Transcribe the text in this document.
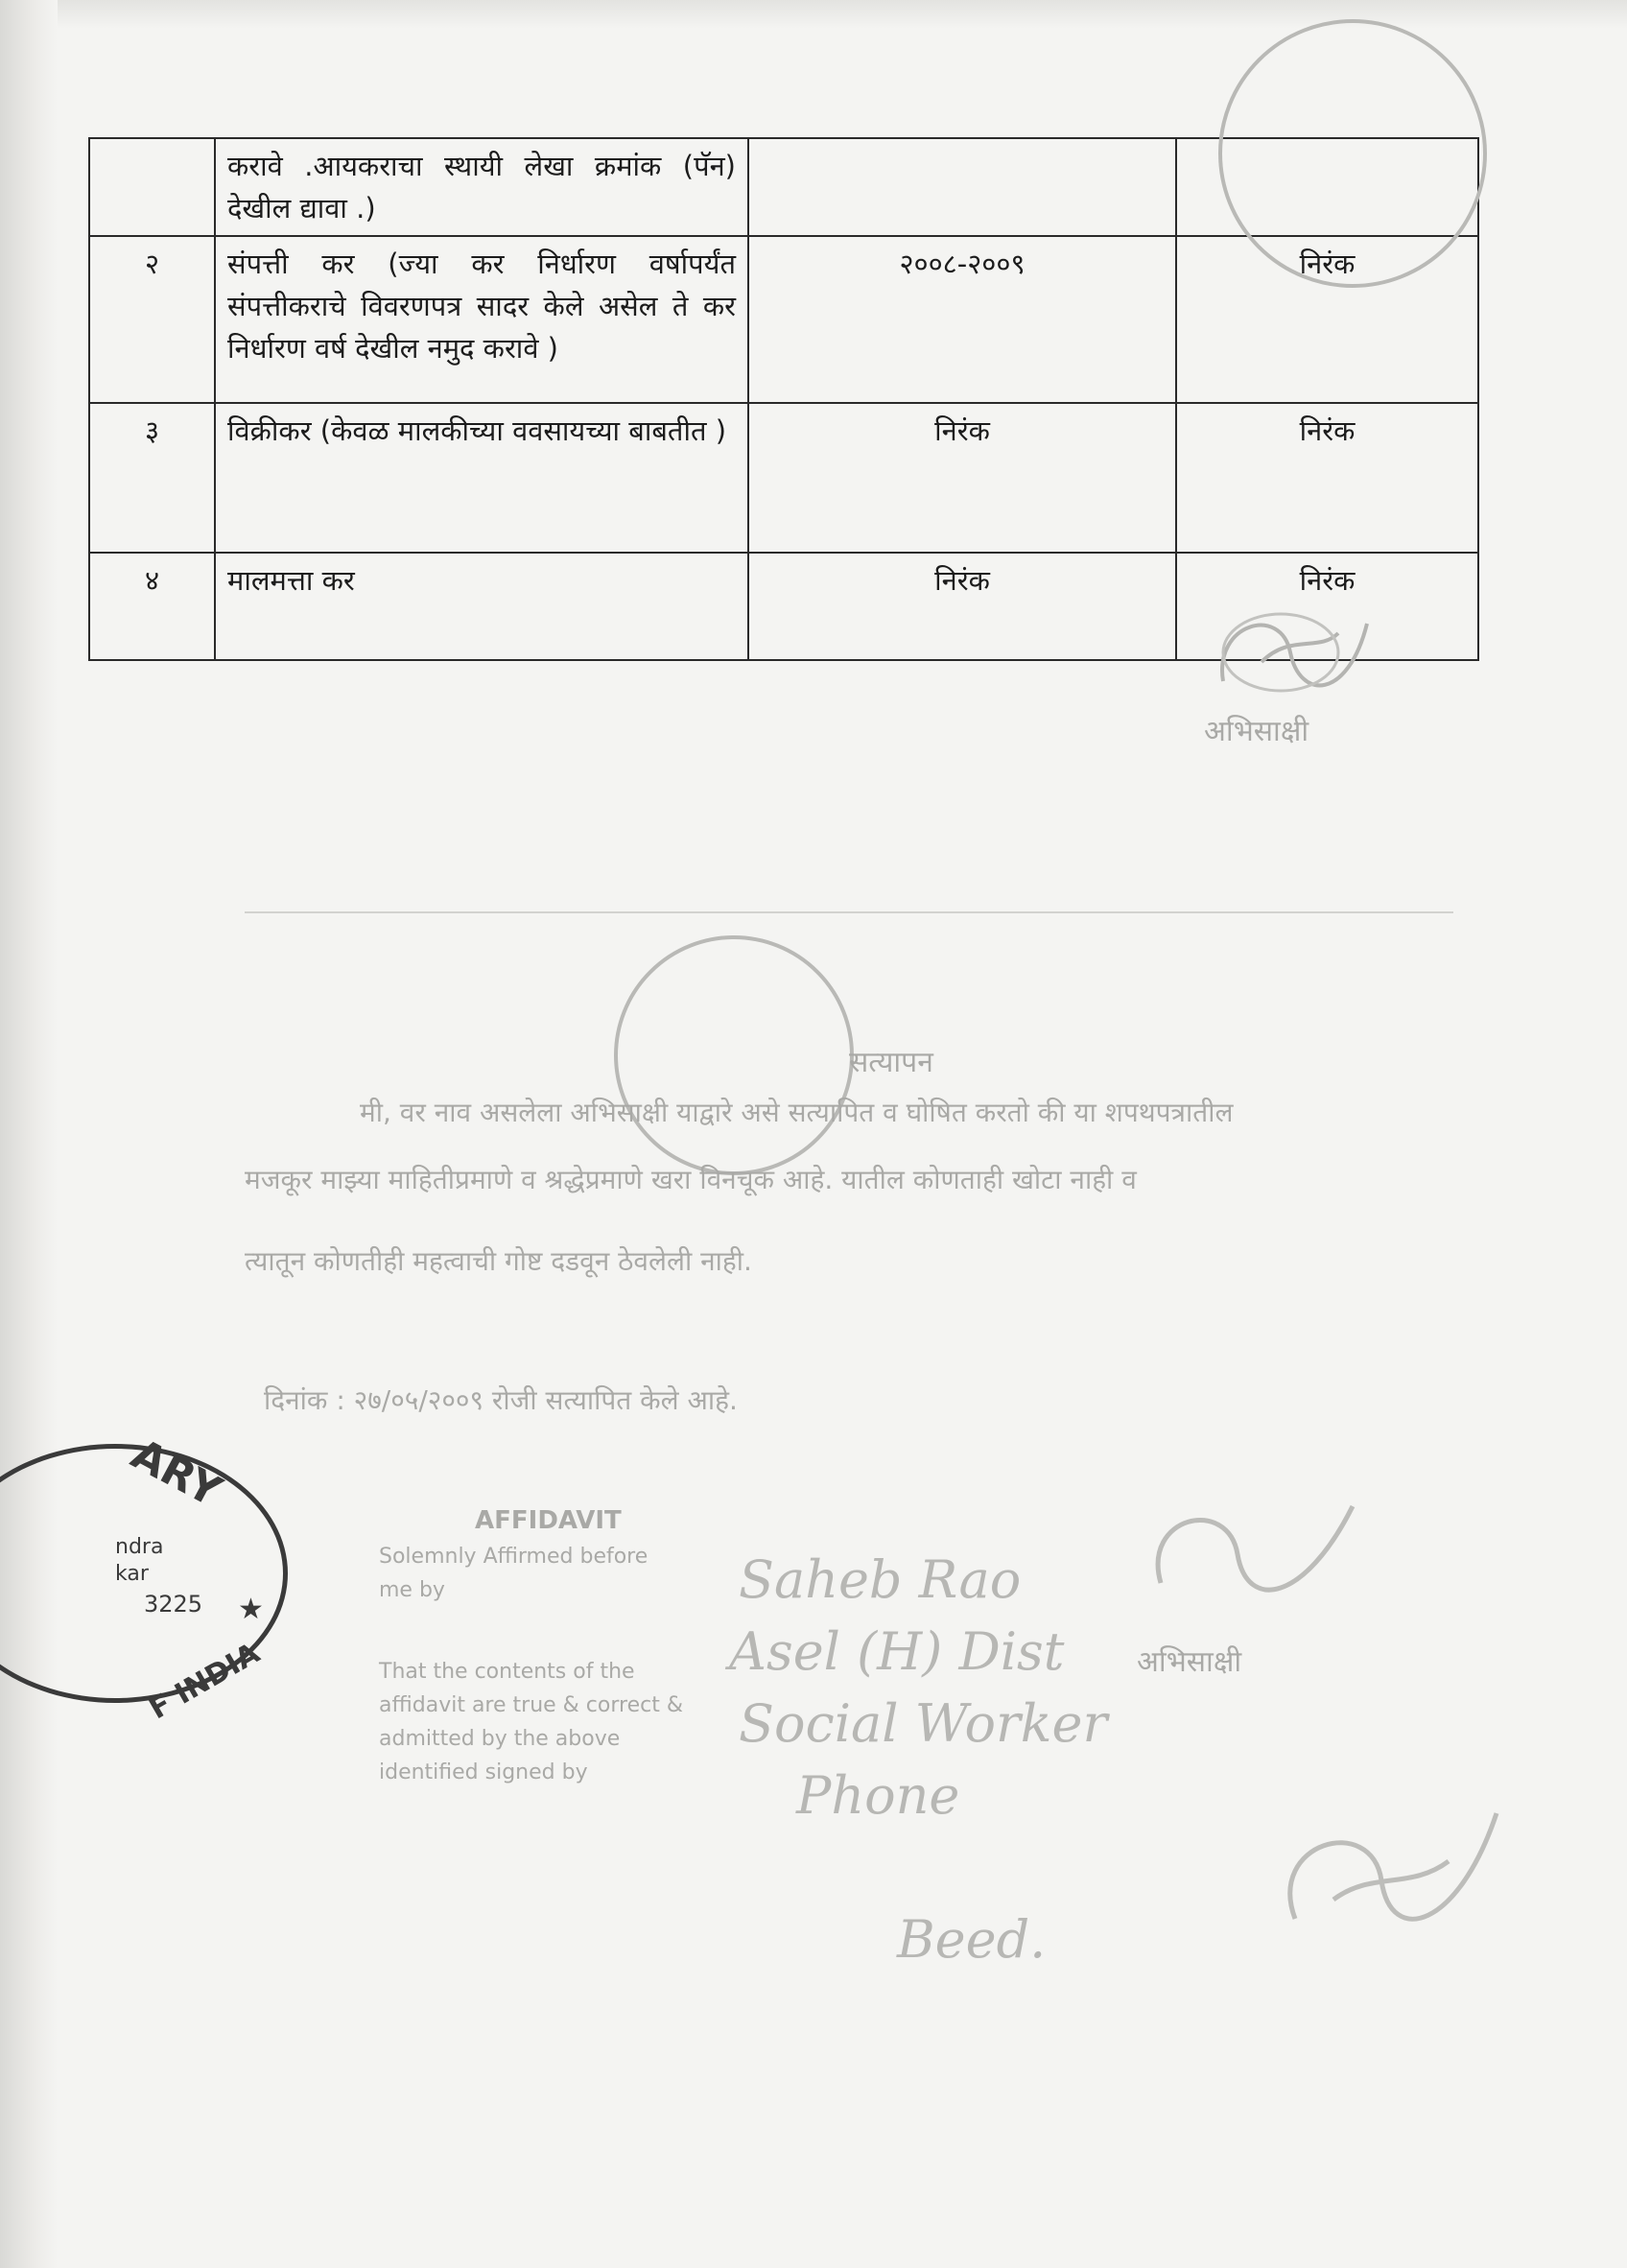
	करावे .आयकराचा स्थायी लेखा क्रमांक (पॅन) देखील द्यावा .)		
२	संपत्ती कर (ज्या कर निर्धारण वर्षापर्यंत संपत्तीकराचे विवरणपत्र सादर केले असेल ते कर निर्धारण वर्ष देखील नमुद करावे )	२००८-२००९	निरंक
३	विक्रीकर (केवळ मालकीच्या ववसायच्या बाबतीत )	निरंक	निरंक
४	मालमत्ता कर	निरंक	निरंक
अभिसाक्षी
सत्यापन
मी, वर नाव असलेला अभिसाक्षी याद्वारे असे सत्यापित व घोषित करतो की या शपथपत्रातील
मजकूर माझ्या माहितीप्रमाणे व श्रद्धेप्रमाणे खरा विनचूक आहे. यातील कोणताही खोटा नाही व
त्यातून कोणतीही महत्वाची गोष्ट दडवून ठेवलेली नाही.
दिनांक : २७/०५/२००९ रोजी सत्यापित केले आहे.
AFFIDAVIT
Solemnly Affirmed before
me by
That the contents of the
affidavit are true & correct &
admitted by the above
identified signed by
Saheb Rao
Asel (H) Dist
Social Worker
Phone
Beed.
अभिसाक्षी
ARY
ndra
kar
3225
F INDIA
★
